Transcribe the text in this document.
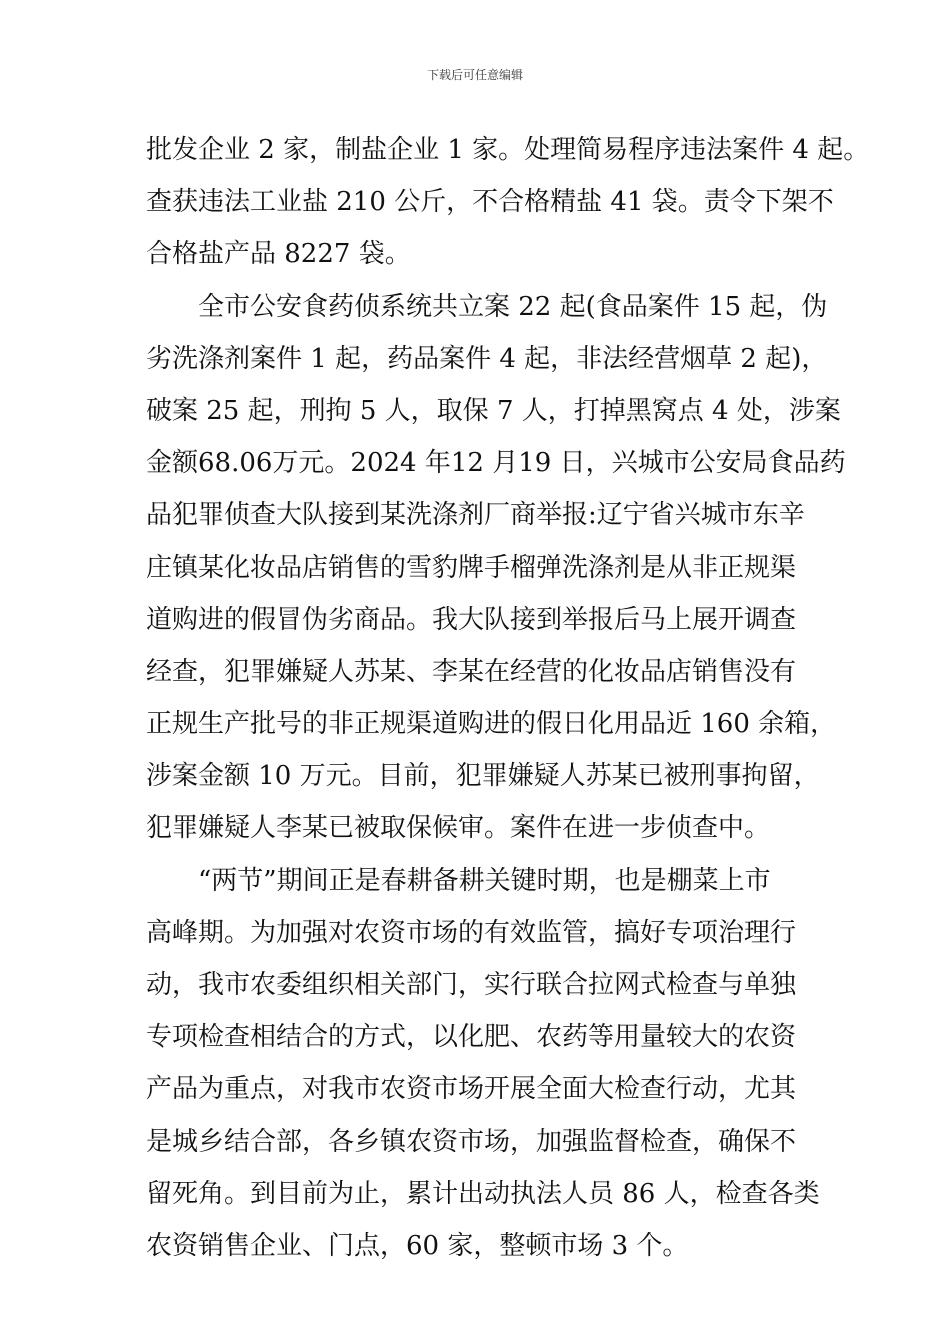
下载后可任意编辑
批发企业 2 家，制盐企业 1 家。处理简易程序违法案件 4 起。
查获违法工业盐 210 公斤，不合格精盐 41 袋。责令下架不
合格盐产品 8227 袋。
　　全市公安食药侦系统共立案 22 起(食品案件 15 起，伪
劣洗涤剂案件 1 起，药品案件 4 起，非法经营烟草 2 起)，
破案 25 起，刑拘 5 人，取保 7 人，打掉黑窝点 4 处，涉案
金额68.06万元。2024 年12 月19 日，兴城市公安局食品药
品犯罪侦查大队接到某洗涤剂厂商举报:辽宁省兴城市东辛
庄镇某化妆品店销售的雪豹牌手榴弹洗涤剂是从非正规渠
道购进的假冒伪劣商品。我大队接到举报后马上展开调查
经查，犯罪嫌疑人苏某、李某在经营的化妆品店销售没有
正规生产批号的非正规渠道购进的假日化用品近 160 余箱，
涉案金额 10 万元。目前，犯罪嫌疑人苏某已被刑事拘留，
犯罪嫌疑人李某已被取保候审。案件在进一步侦查中。
　　“两节”期间正是春耕备耕关键时期，也是棚菜上市
高峰期。为加强对农资市场的有效监管，搞好专项治理行
动，我市农委组织相关部门，实行联合拉网式检查与单独
专项检查相结合的方式，以化肥、农药等用量较大的农资
产品为重点，对我市农资市场开展全面大检查行动，尤其
是城乡结合部，各乡镇农资市场，加强监督检查，确保不
留死角。到目前为止，累计出动执法人员 86 人，检查各类
农资销售企业、门点，60 家，整顿市场 3 个。
